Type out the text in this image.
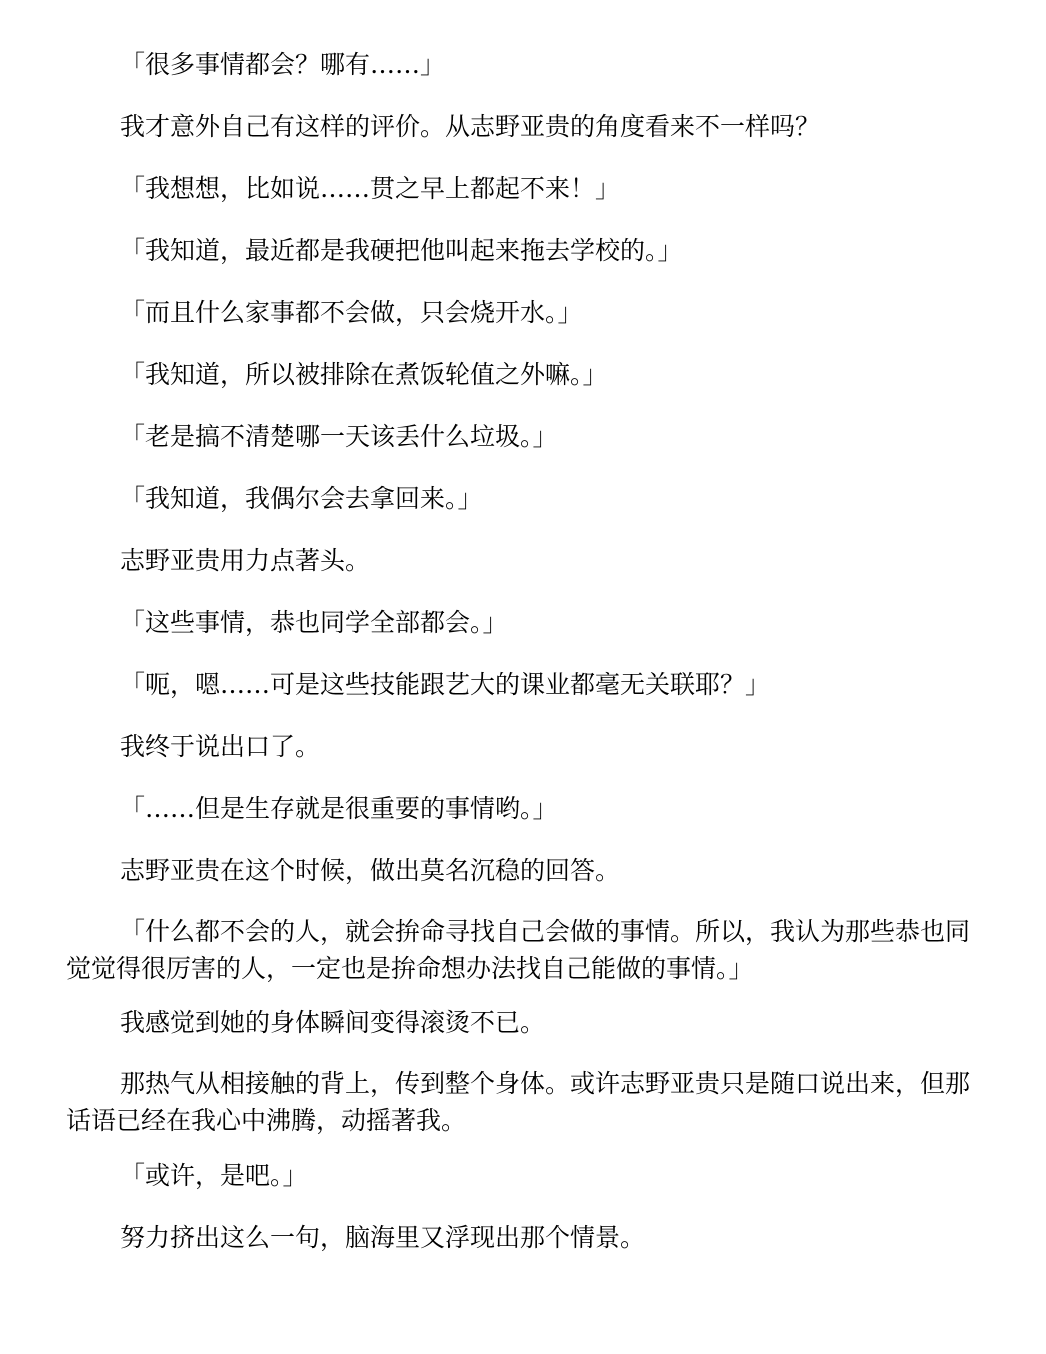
「很多事情都会？哪有……」

我才意外自己有这样的评价。从志野亚贵的角度看来不一样吗？

「我想想，比如说……贯之早上都起不来！」

「我知道，最近都是我硬把他叫起来拖去学校的。」

「而且什么家事都不会做，只会烧开水。」

「我知道，所以被排除在煮饭轮值之外嘛。」

「老是搞不清楚哪一天该丢什么垃圾。」

「我知道，我偶尔会去拿回来。」

志野亚贵用力点著头。

「这些事情，恭也同学全部都会。」

「呃，嗯……可是这些技能跟艺大的课业都毫无关联耶？」

我终于说出口了。

「……但是生存就是很重要的事情哟。」

志野亚贵在这个时候，做出莫名沉稳的回答。

「什么都不会的人，就会拚命寻找自己会做的事情。所以，我认为那些恭也同觉觉得很厉害的人，一定也是拚命想办法找自己能做的事情。」

我感觉到她的身体瞬间变得滚烫不已。

那热气从相接触的背上，传到整个身体。或许志野亚贵只是随口说出来，但那话语已经在我心中沸腾，动摇著我。

「或许，是吧。」

努力挤出这么一句，脑海里又浮现出那个情景。
